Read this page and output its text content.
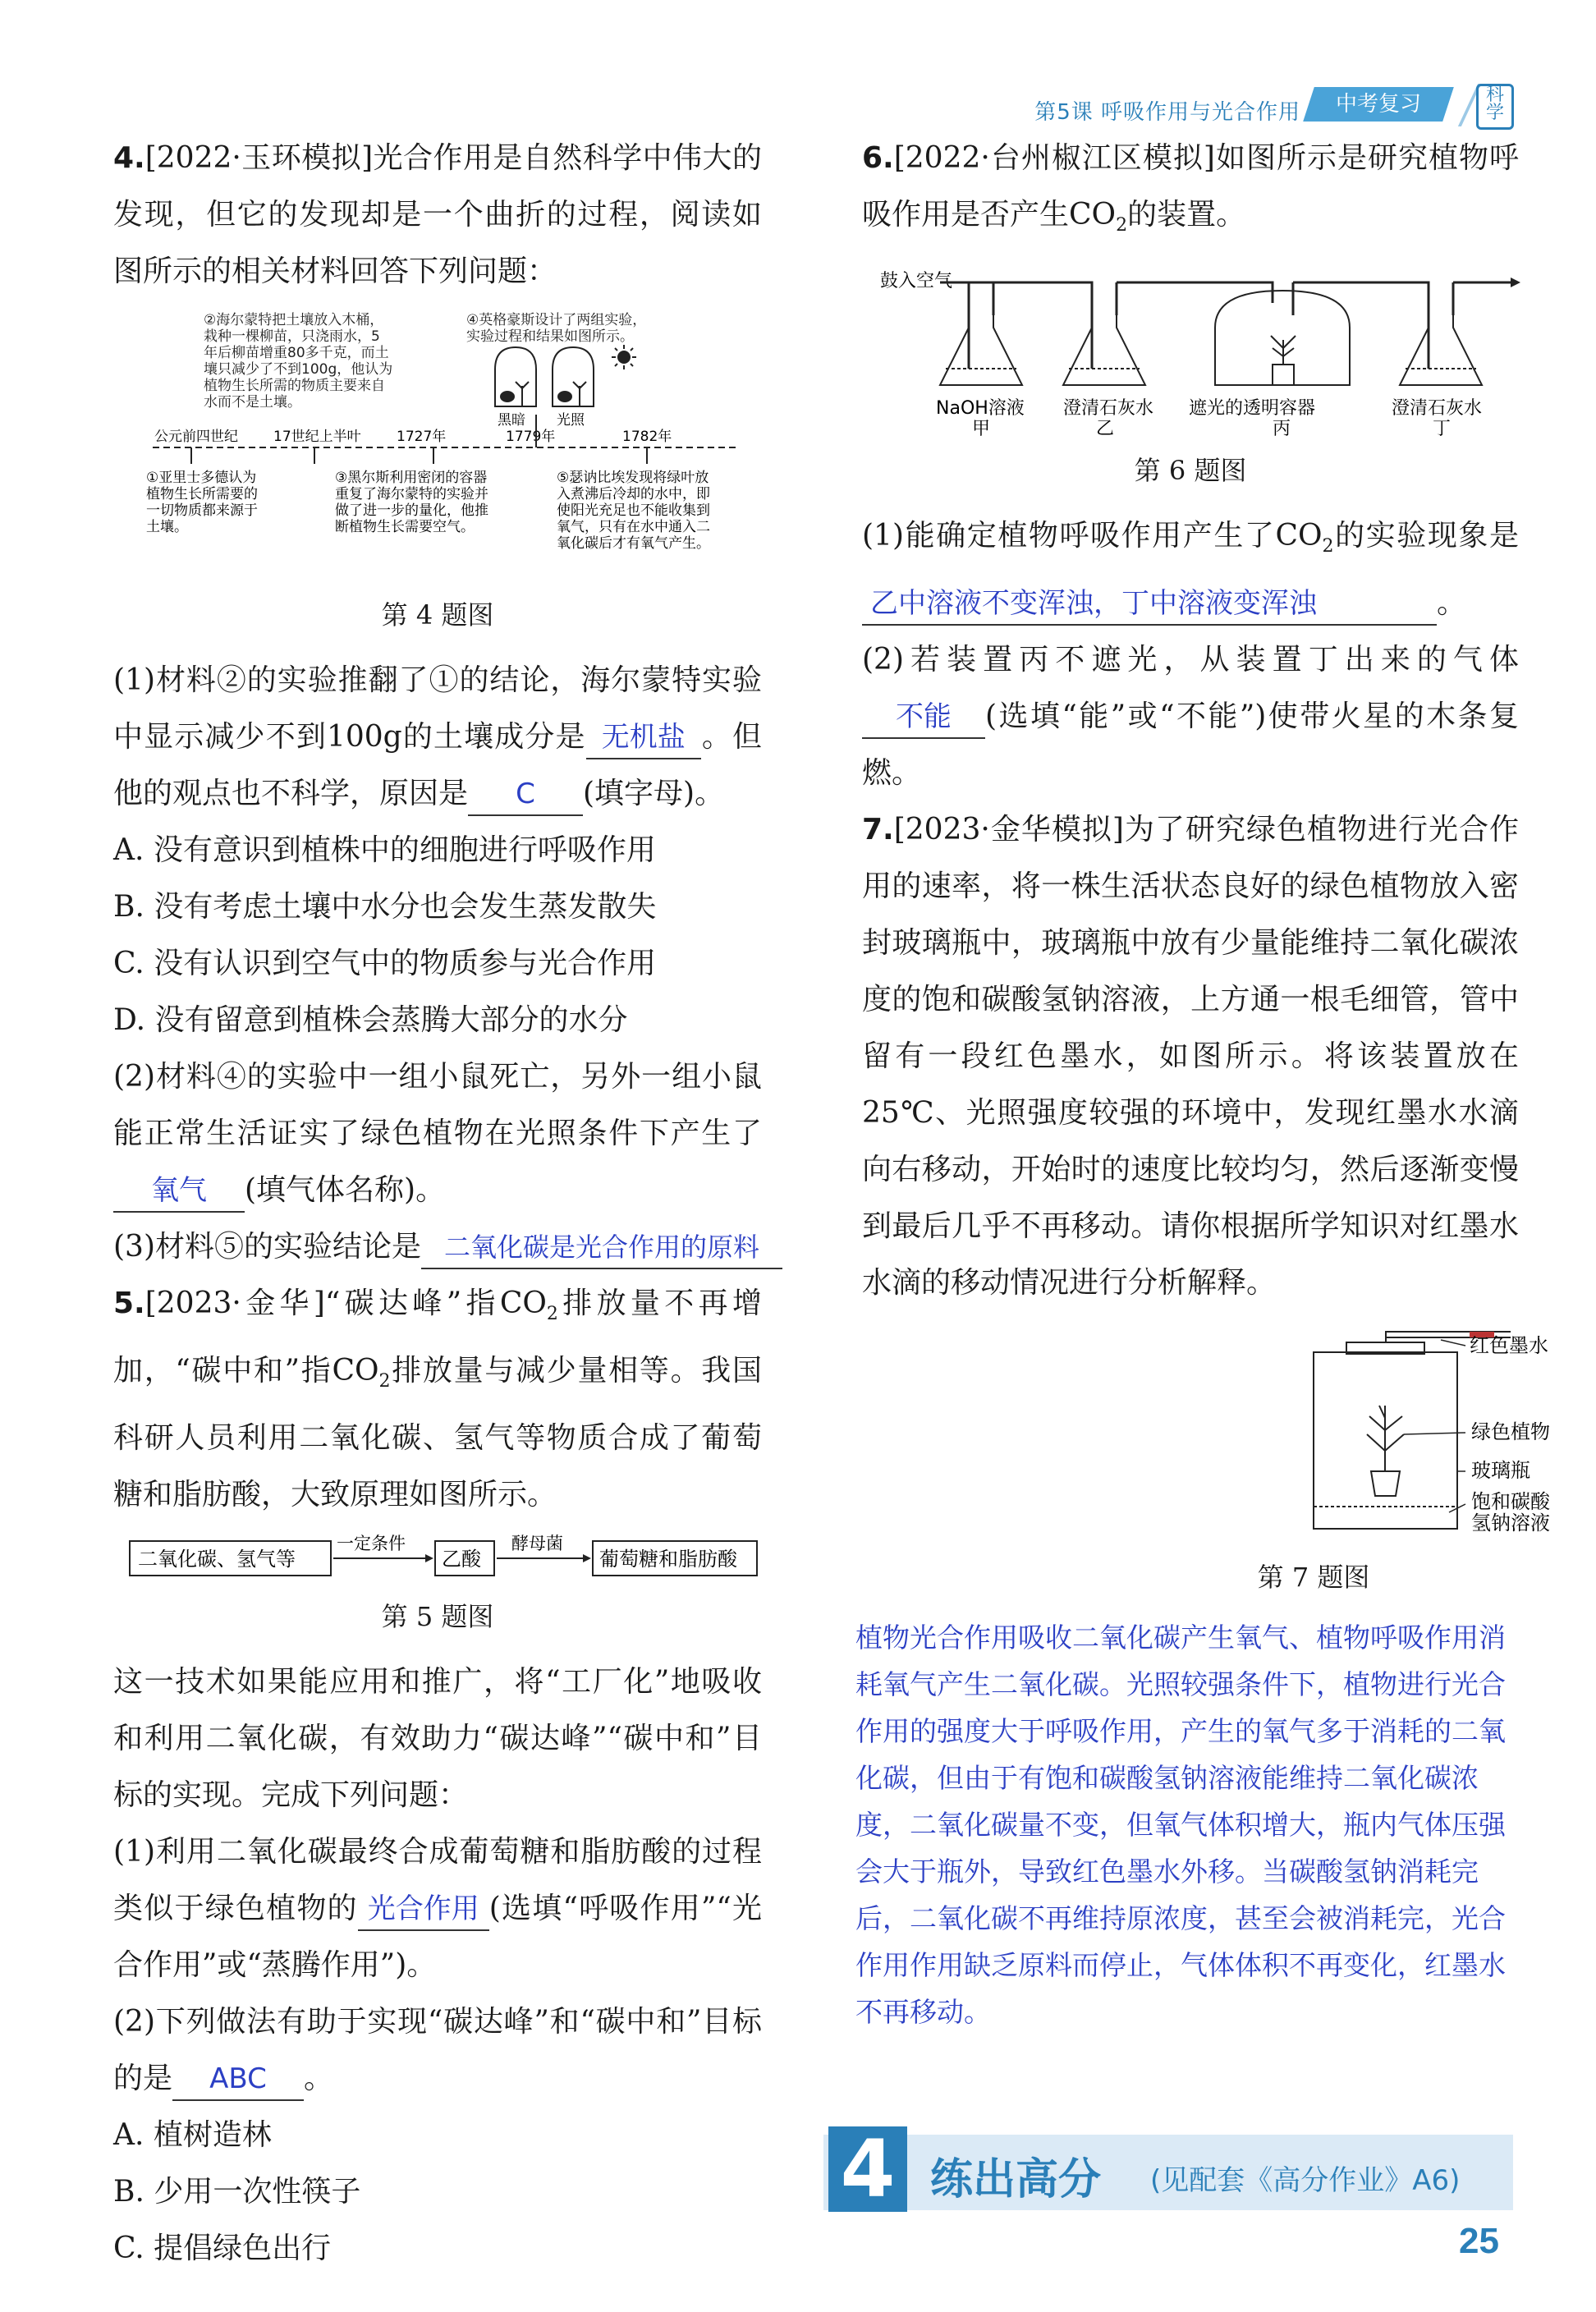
第5课 呼吸作用与光合作用	中考复习	科学

4.[2022·玉环模拟]光合作用是自然科学中伟大的发现，但它的发现却是一个曲折的过程，阅读如图所示的相关材料回答下列问题：

②海尔蒙特把土壤放入木桶，
栽种一棵柳苗，只浇雨水，5
年后柳苗增重80多千克，而土
壤只减少了不到100g，他认为
植物生长所需的物质主要来自
水而不是土壤。
④英格豪斯设计了两组实验，
实验过程和结果如图所示。
黑暗 光照
公元前四世纪	17世纪上半叶	1727年	1779年	1782年
①亚里士多德认为
植物生长所需要的
一切物质都来源于
土壤。
③黑尔斯利用密闭的容器
重复了海尔蒙特的实验并
做了进一步的量化，他推
断植物生长需要空气。
⑤瑟讷比埃发现将绿叶放
入煮沸后冷却的水中，即
使阳光充足也不能收集到
氧气，只有在水中通入二
氧化碳后才有氧气产生。
第 4 题图

(1)材料②的实验推翻了①的结论，海尔蒙特实验中显示减少不到100g的土壤成分是 无机盐 。但他的观点也不科学，原因是 C (填字母)。

A. 没有意识到植株中的细胞进行呼吸作用

B. 没有考虑土壤中水分也会发生蒸发散失

C. 没有认识到空气中的物质参与光合作用

D. 没有留意到植株会蒸腾大部分的水分

(2)材料④的实验中一组小鼠死亡，另外一组小鼠能正常生活证实了绿色植物在光照条件下产生了氧气 (填气体名称)。

(3)材料⑤的实验结论是 二氧化碳是光合作用的原料

5.[2023·金华]“碳达峰”指$CO_2$排放量不再增加，“碳中和”指$CO_2$排放量与减少量相等。我国科研人员利用二氧化碳、氢气等物质合成了葡萄糖和脂肪酸，大致原理如图所示。

二氧化碳、氢气等
一定条件
乙酸
酵母菌
葡萄糖和脂肪酸
第 5 题图

这一技术如果能应用和推广，将“工厂化”地吸收和利用二氧化碳，有效助力“碳达峰”“碳中和”目标的实现。完成下列问题：

(1)利用二氧化碳最终合成葡萄糖和脂肪酸的过程类似于绿色植物的 光合作用 (选填“呼吸作用”“光合作用”或“蒸腾作用”)。

(2)下列做法有助于实现“碳达峰”和“碳中和”目标的是 ABC 。

A. 植树造林

B. 少用一次性筷子

C. 提倡绿色出行

6.[2022·台州椒江区模拟]如图所示是研究植物呼吸作用是否产生$CO_2$的装置。

鼓入空气
NaOH溶液 澄清石灰水 遮光的透明容器	澄清石灰水
甲	乙	丙	丁
第 6 题图

(1)能确定植物呼吸作用产生了$CO_2$的实验现象是乙中溶液不变浑浊，丁中溶液变浑浊	。

(2)若装置丙不遮光，从装置丁出来的气体不能 (选填“能”或“不能”)使带火星的木条复燃。

7.[2023·金华模拟]为了研究绿色植物进行光合作用的速率，将一株生活状态良好的绿色植物放入密封玻璃瓶中，玻璃瓶中放有少量能维持二氧化碳浓度的饱和碳酸氢钠溶液，上方通一根毛细管，管中留有一段红色墨水，如图所示。将该装置放在25℃、光照强度较强的环境中，发现红墨水水滴向右移动，开始时的速度比较均匀，然后逐渐变慢到最后几乎不再移动。请你根据所学知识对红墨水水滴的移动情况进行分析解释。

红色墨水
绿色植物
玻璃瓶
饱和碳酸
氢钠溶液
第 7 题图
植物光合作用吸收二氧化碳产生氧气、植物呼吸作用消耗氧气产生二氧化碳。光照较强条件下，植物进行光合作用的强度大于呼吸作用，产生的氧气多于消耗的二氧化碳，但由于有饱和碳酸氢钠溶液能维持二氧化碳浓度，二氧化碳量不变，但氧气体积增大，瓶内气体压强会大于瓶外，导致红色墨水外移。当碳酸氢钠消耗完后，二氧化碳不再维持原浓度，甚至会被消耗完，光合作用作用缺乏原料而停止，气体体积不再变化，红墨水不再移动。
4 练出高分 (见配套《高分作业》A6)
25
